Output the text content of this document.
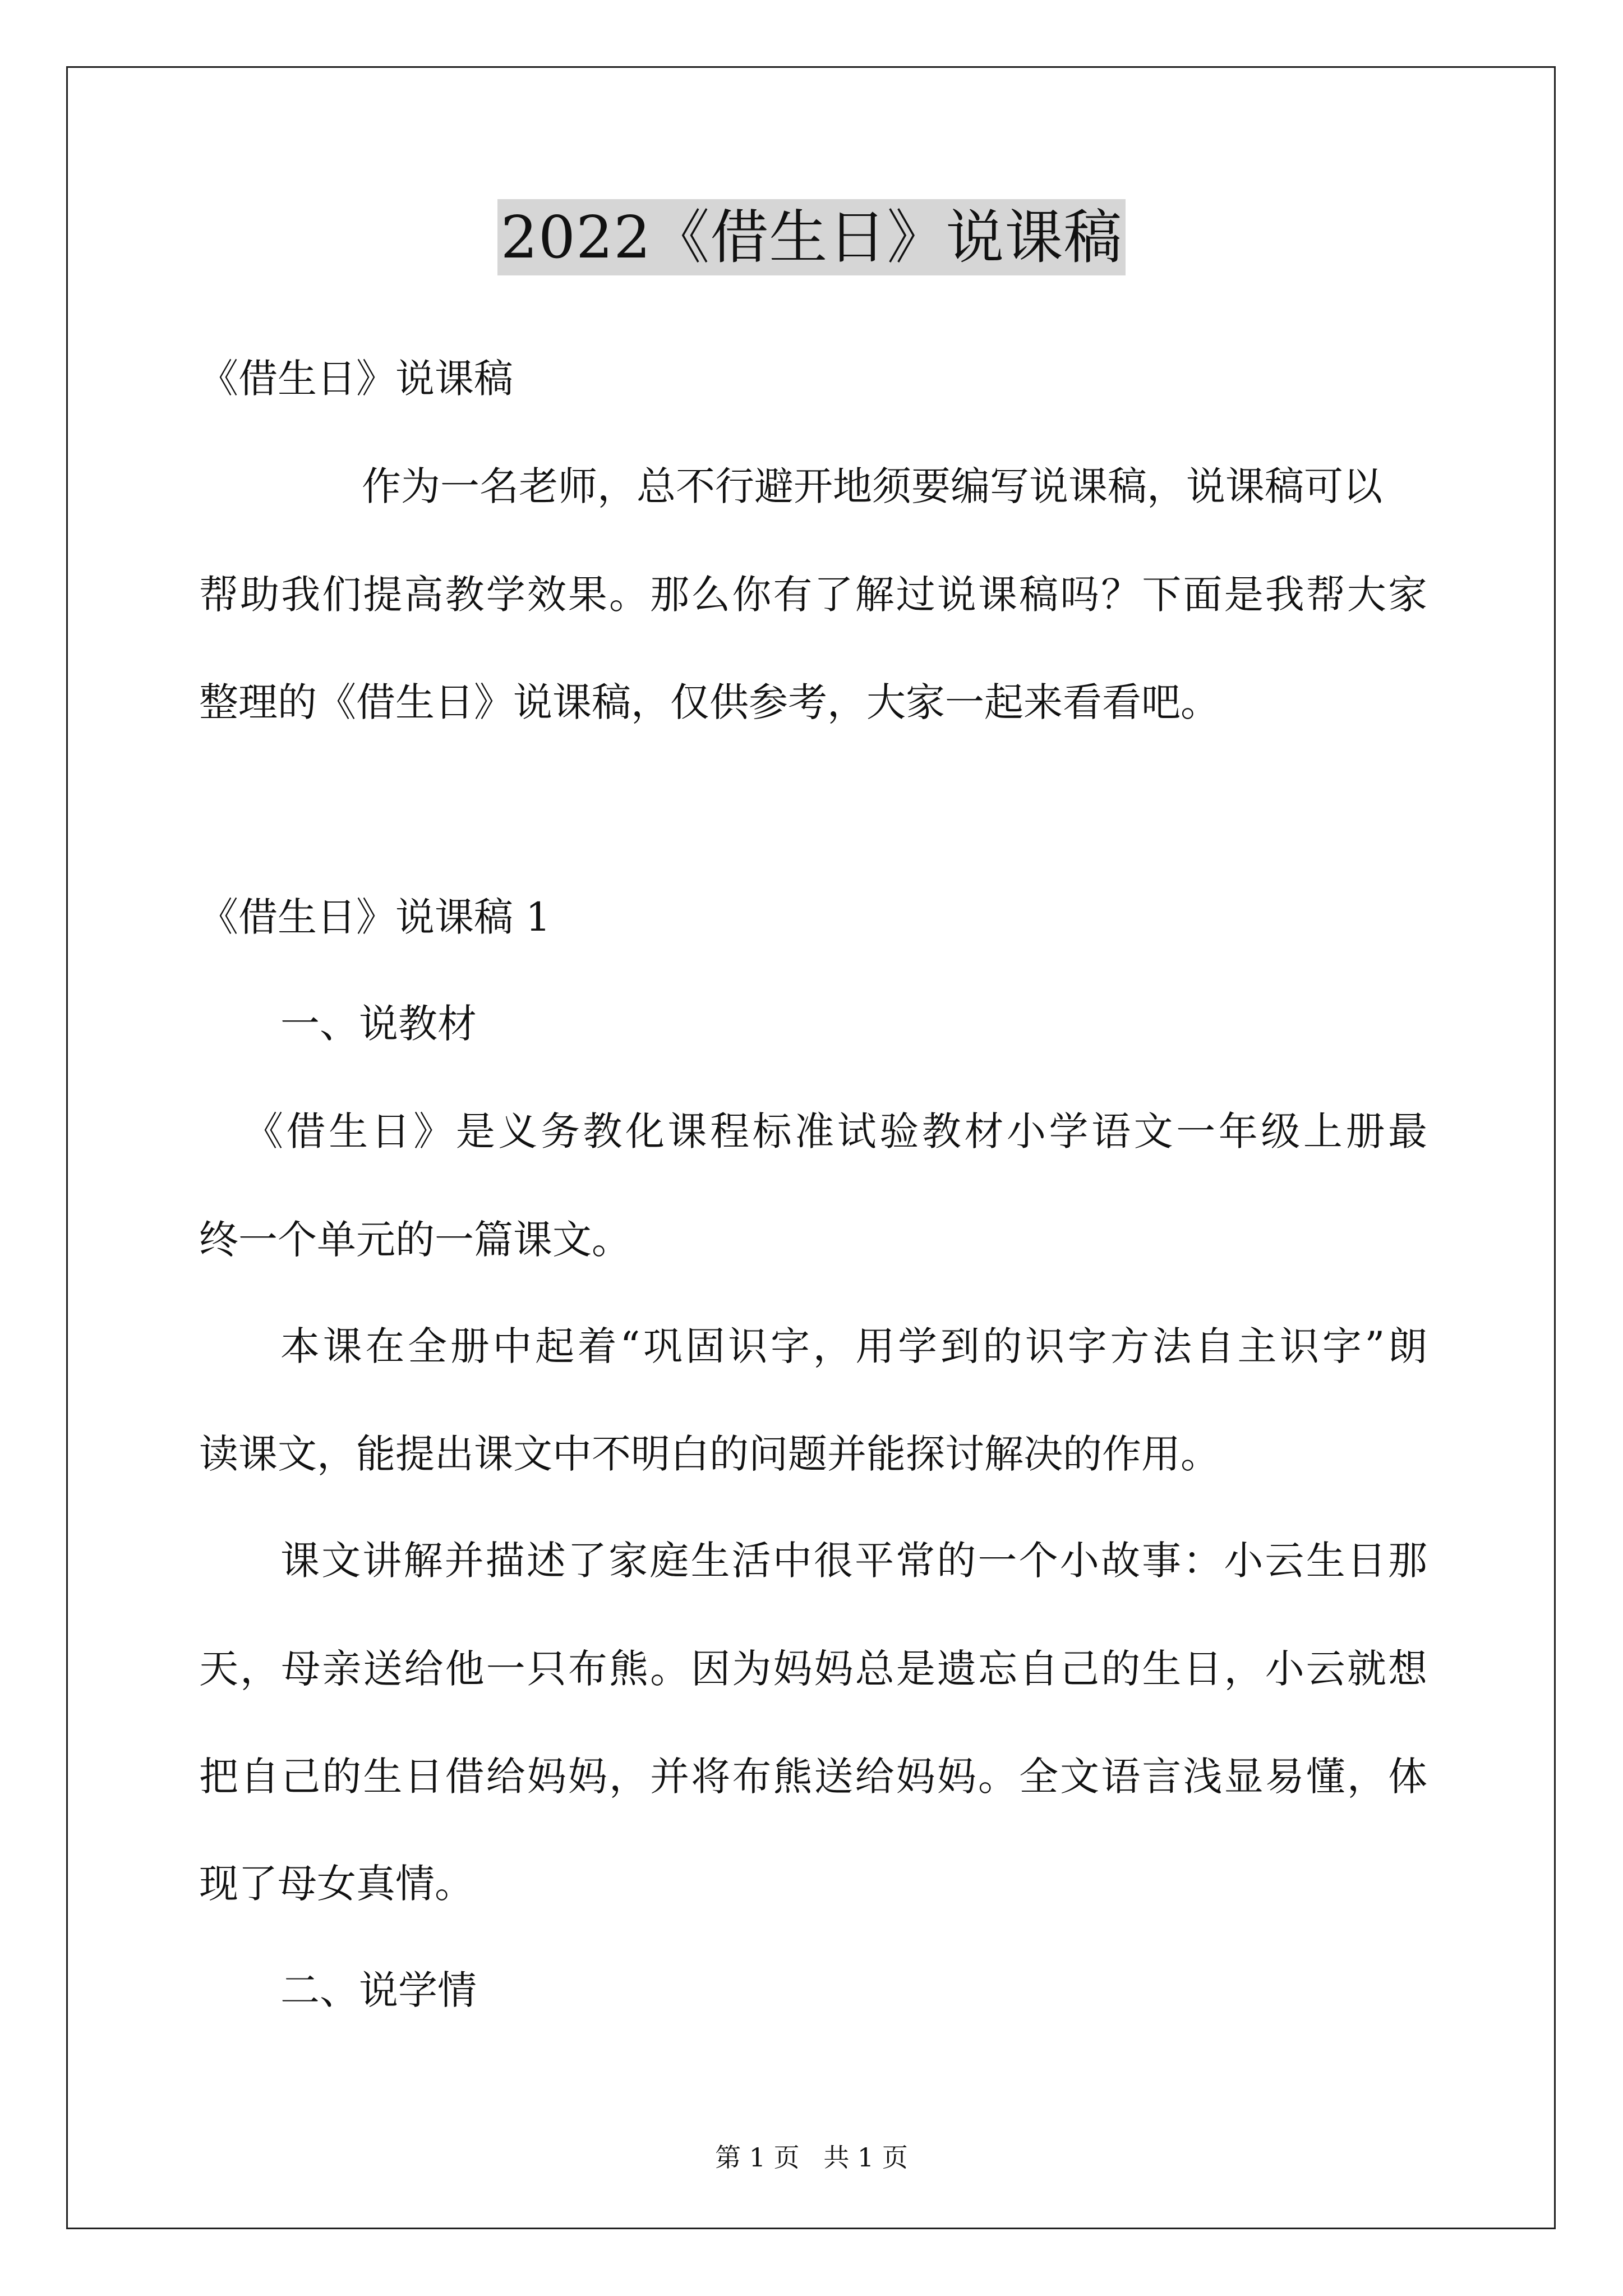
2022《借生日》说课稿
《借生日》说课稿
作为一名老师，总不行避开地须要编写说课稿，说课稿可以
帮助我们提高教学效果。那么你有了解过说课稿吗？下面是我帮大家
整理的《借生日》说课稿，仅供参考，大家一起来看看吧。
《借生日》说课稿 1
一、说教材
《借生日》是义务教化课程标准试验教材小学语文一年级上册最
终一个单元的一篇课文。
本课在全册中起着“巩固识字，用学到的识字方法自主识字”朗
读课文，能提出课文中不明白的问题并能探讨解决的作用。
课文讲解并描述了家庭生活中很平常的一个小故事：小云生日那
天，母亲送给他一只布熊。因为妈妈总是遗忘自己的生日，小云就想
把自己的生日借给妈妈，并将布熊送给妈妈。全文语言浅显易懂，体
现了母女真情。
二、说学情
第 1 页 共 1 页
